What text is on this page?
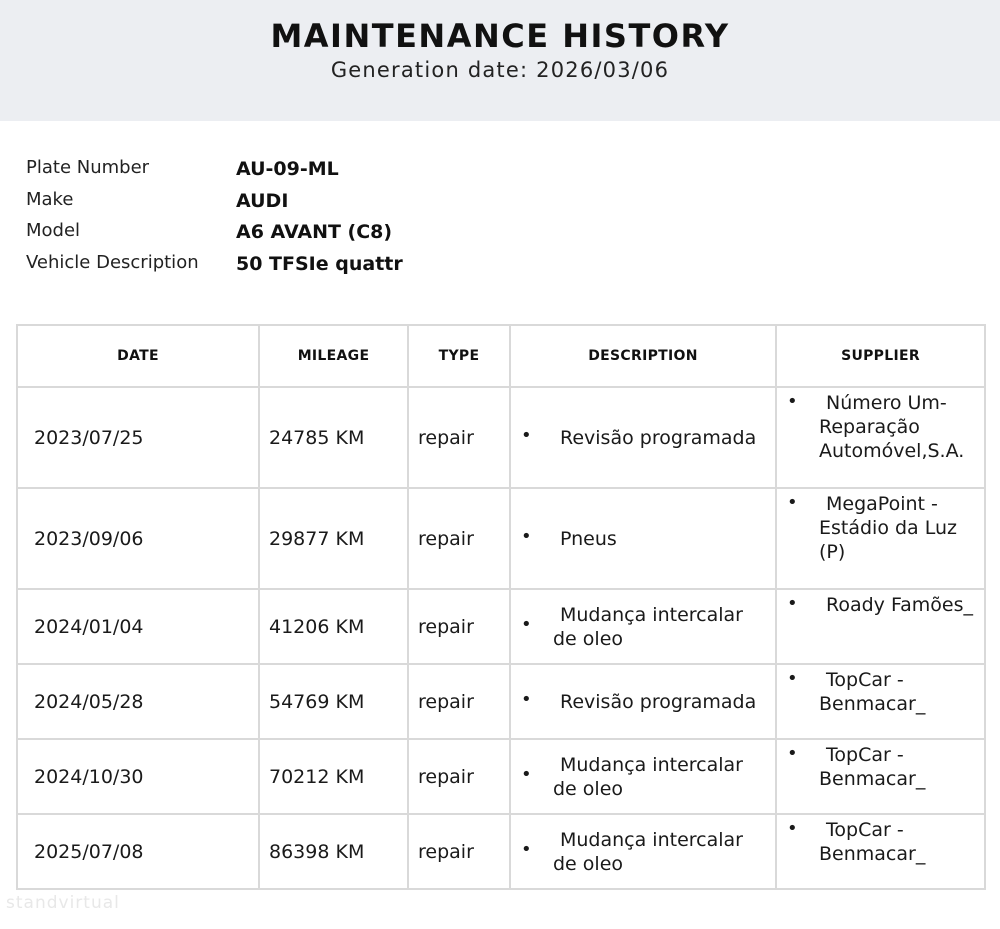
MAINTENANCE HISTORY
Generation date: 2026/03/06
Plate Number	AU-09-ML
Make	AUDI
Model	A6 AVANT (C8)
Vehicle Description 50 TFSIe quattr
DATE	MILEAGE	TYPE	DESCRIPTION	SUPPLIER
2023/07/25	24785 KM	repair	• Revisão programada	• Número Um-Reparação Automóvel,S.A.

2023/09/06	29877 KM	repair	• Pneus	• MegaPoint - Estádio da Luz (P)

2024/01/04	41206 KM	repair	• Mudança intercalar de oleo	• Roady Famões_

2024/05/28	54769 KM	repair	• Revisão programada	• TopCar - Benmacar_

2024/10/30	70212 KM	repair	• Mudança intercalar de oleo	• TopCar - Benmacar_

2025/07/08	86398 KM	repair	• Mudança intercalar de oleo	• TopCar - Benmacar_
standvirtual
